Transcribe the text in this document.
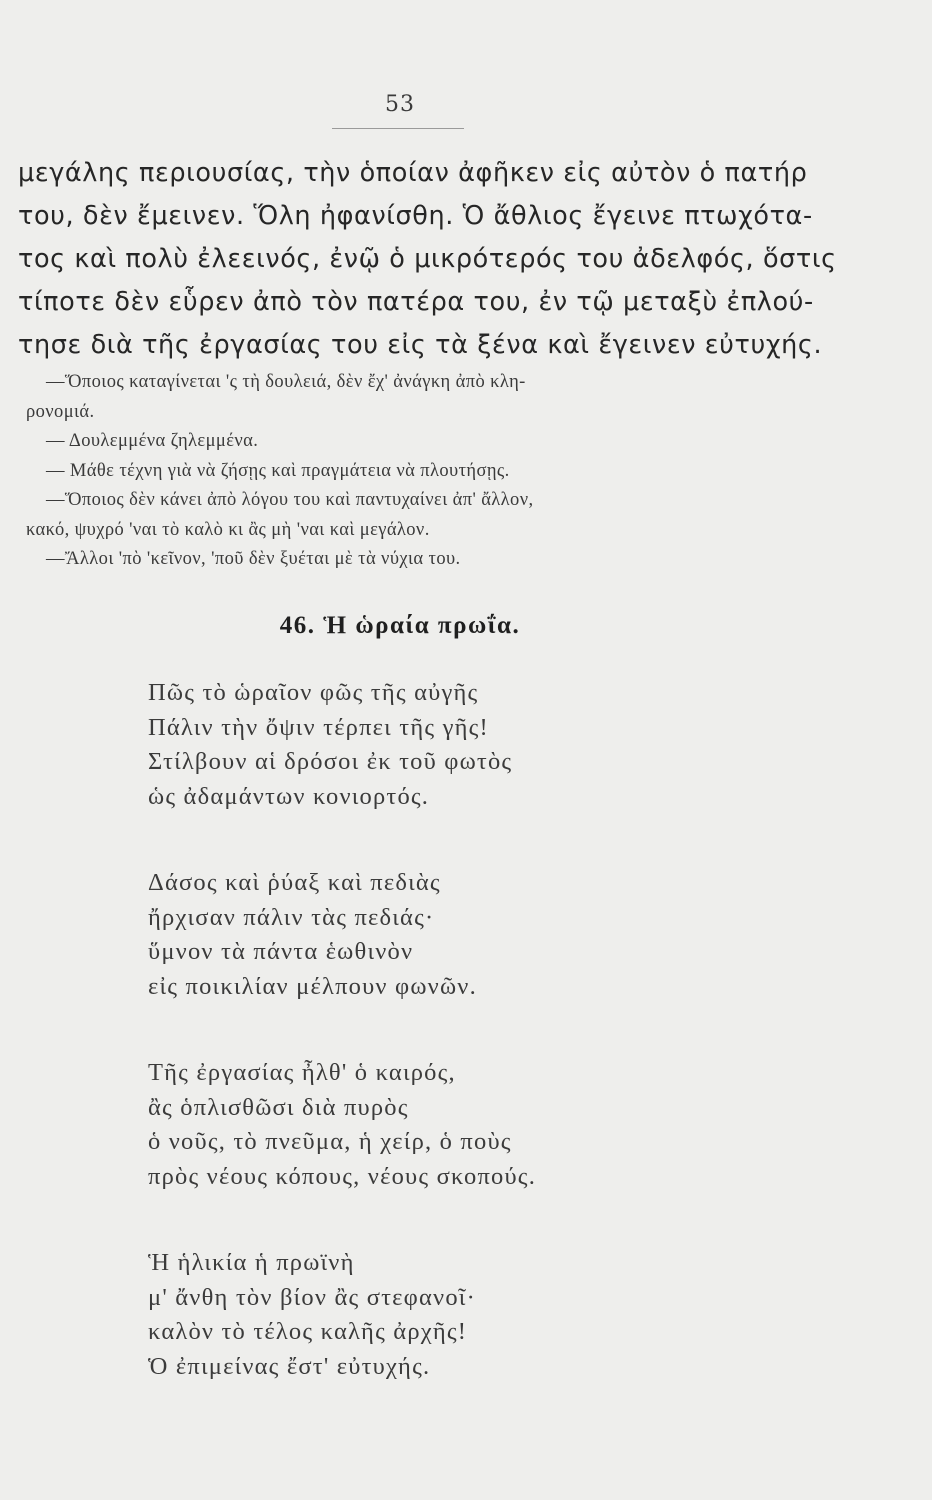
53
μεγάλης περιουσίας, τὴν ὁποίαν ἀφῆκεν εἰς αὐτὸν ὁ πατήρ
του, δὲν ἔμεινεν. Ὅλη ἠφανίσθη. Ὁ ἄθλιος ἔγεινε πτωχότα-
τος καὶ πολὺ ἐλεεινός, ἐνῷ ὁ μικρότερός του ἀδελφός, ὅστις
τίποτε δὲν εὗρεν ἀπὸ τὸν πατέρα του, ἐν τῷ μεταξὺ ἐπλού-
τησε διὰ τῆς ἐργασίας του εἰς τὰ ξένα καὶ ἔγεινεν εὐτυχής.
—Ὅποιος καταγίνεται 'ς τὴ δουλειά, δὲν ἔχ' ἀνάγκη ἀπὸ κλη-
ρονομιά.
— Δουλεμμένα ζηλεμμένα.
— Μάθε τέχνη γιὰ νὰ ζήσῃς καὶ πραγμάτεια νὰ πλουτήσῃς.
—Ὅποιος δὲν κάνει ἀπὸ λόγου του καὶ παντυχαίνει ἀπ' ἄλλον,
κακό, ψυχρό 'ναι τὸ καλὸ κι ἂς μὴ 'ναι καὶ μεγάλον.
—Ἄλλοι 'πὸ 'κεῖνον, 'ποῦ δὲν ξυέται μὲ τὰ νύχια του.
46. Ἡ ὡραία πρωΐα.
Πῶς τὸ ὡραῖον φῶς τῆς αὐγῆς
Πάλιν τὴν ὄψιν τέρπει τῆς γῆς!
Στίλβουν αἱ δρόσοι ἐκ τοῦ φωτὸς
ὡς ἀδαμάντων κονιορτός.
Δάσος καὶ ῥύαξ καὶ πεδιὰς
ἤρχισαν πάλιν τὰς πεδιάς·
ὕμνον τὰ πάντα ἑωθινὸν
εἰς ποικιλίαν μέλπουν φωνῶν.
Τῆς ἐργασίας ἦλθ' ὁ καιρός,
ἂς ὁπλισθῶσι διὰ πυρὸς
ὁ νοῦς, τὸ πνεῦμα, ἡ χείρ, ὁ ποὺς
πρὸς νέους κόπους, νέους σκοπούς.
Ἡ ἡλικία ἡ πρωϊνὴ
μ' ἄνθη τὸν βίον ἂς στεφανοῖ·
καλὸν τὸ τέλος καλῆς ἀρχῆς!
Ὁ ἐπιμείνας ἔστ' εὐτυχής.
